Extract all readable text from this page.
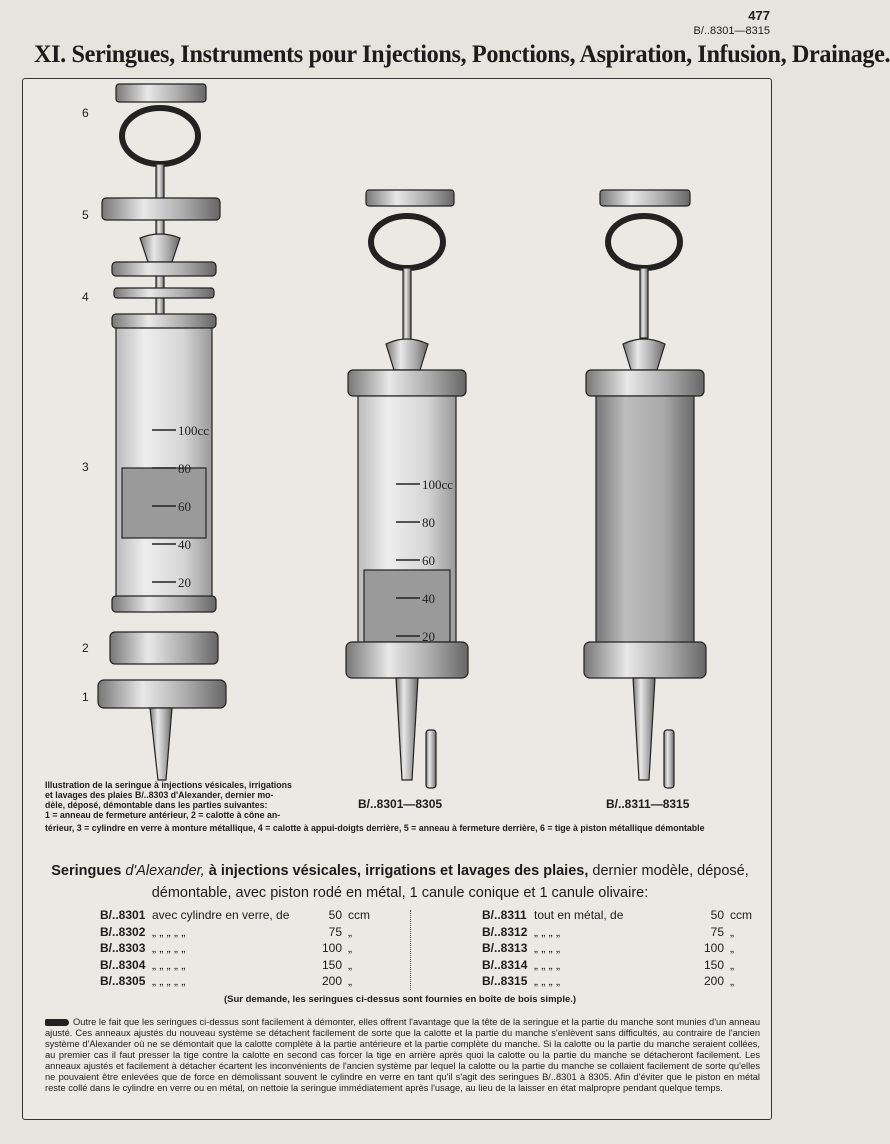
477
B/..8301—8315
XI. Seringues, Instruments pour Injections, Ponctions, Aspiration, Infusion, Drainage.
100cc
80
60
40
20
100cc
80
60
40
20
6
5
4
3
2
1
Illustration de la seringue à injections vésicales, irrigations
et lavages des plaies B/..8303 d'Alexander, dernier mo-
dèle, déposé, démontable dans les parties suivantes:
1 = anneau de fermeture antérieur, 2 = calotte à cône an-
térieur, 3 = cylindre en verre à monture métallique, 4 = calotte à appui-doigts derrière, 5 = anneau à fermeture derrière, 6 = tige à piston métallique démontable
B/..8301—8305	B/..8311—8315
Seringues d'Alexander, à injections vésicales, irrigations et lavages des plaies, dernier modèle, déposé,
démontable, avec piston rodé en métal, 1 canule conique et 1 canule olivaire:
B/..8301 avec cylindre en verre, de	50 ccm
B/..8302 „ „ „ „ „	75 „
B/..8303 „ „ „ „ „	100 „
B/..8304 „ „ „ „ „	150 „
B/..8305 „ „ „ „ „	200 „
B/..8311 tout en métal, de	50 ccm
B/..8312 „ „ „ „	75 „
B/..8313 „ „ „ „	100 „
B/..8314 „ „ „ „	150 „
B/..8315 „ „ „ „	200 „
(Sur demande, les seringues ci-dessus sont fournies en boîte de bois simple.)
Outre le fait que les seringues ci-dessus sont facilement à démonter, elles offrent l'avantage que la tête de la seringue et la partie du manche sont munies d'un anneau ajusté. Ces anneaux ajustés du nouveau système se détachent facilement de sorte que la calotte et la partie du manche s'enlèvent sans difficultés, au contraire de l'ancien système d'Alexander où ne se démontait que la calotte complète à la partie antérieure et la partie complète du manche. Si la calotte ou la partie du manche seraient collées, au premier cas il faut presser la tige contre la calotte en second cas forcer la tige en arrière après quoi la calotte ou la partie du manche se détacheront facilement. Les anneaux ajustés et facilement à détacher écartent les inconvénients de l'ancien système par lequel la calotte ou la partie du manche se collaient facilement de sorte qu'elles ne pouvaient être enlevées que de force en démolissant souvent le cylindre en verre en tant qu'il s'agit des seringues B/..8301 à 8305. Afin d'éviter que le piston en métal reste collé dans le cylindre en verre ou en métal, on nettoie la seringue immédiatement après l'usage, au lieu de la laisser en état malpropre pendant quelque temps.
